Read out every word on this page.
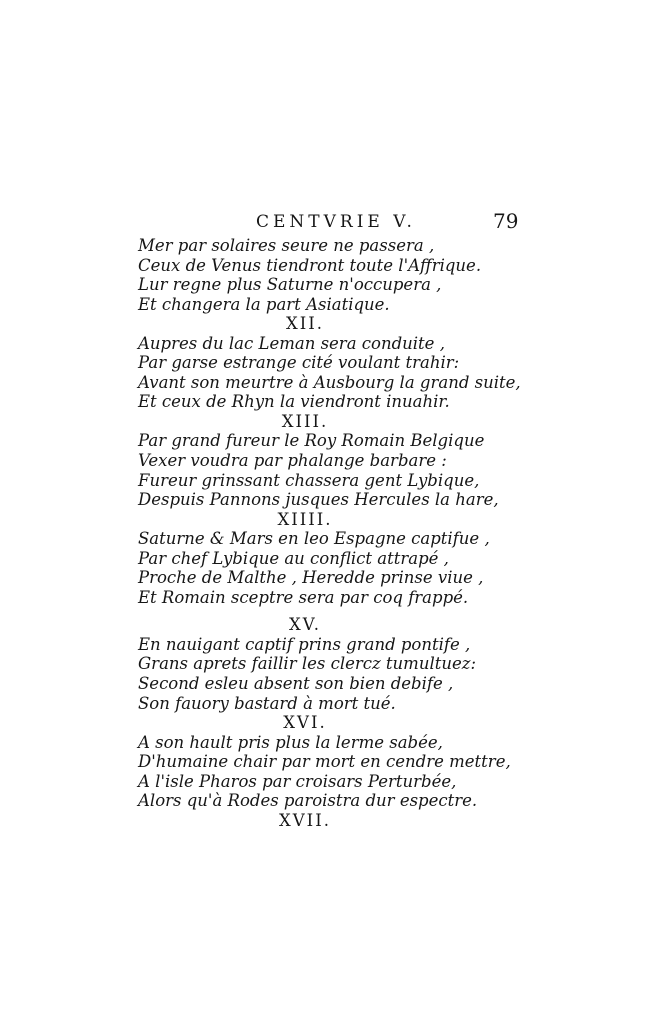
CENTVRIE V.	79
Mer par solaires seure ne passera ,
Ceux de Venus tiendront toute l'Affrique.
Lur regne plus Saturne n'occupera ,
Et changera la part Asiatique.
XII.
Aupres du lac Leman sera conduite ,
Par garse estrange cité voulant trahir:
Avant son meurtre à Ausbourg la grand suite,
Et ceux de Rhyn la viendront inuahir.
XIII.
Par grand fureur le Roy Romain Belgique
Vexer voudra par phalange barbare :
Fureur grinssant chassera gent Lybique,
Despuis Pannons jusques Hercules la hare,
XIIII.
Saturne & Mars en leo Espagne captifue ,
Par chef Lybique au conflict attrapé ,
Proche de Malthe , Heredde prinse viue ,
Et Romain sceptre sera par coq frappé.
XV.
En nauigant captif prins grand pontife ,
Grans aprets faillir les clercz tumultuez:
Second esleu absent son bien debife ,
Son fauory bastard à mort tué.
XVI.
A son hault pris plus la lerme sabée,
D'humaine chair par mort en cendre mettre,
A l'isle Pharos par croisars Perturbée,
Alors qu'à Rodes paroistra dur espectre.
XVII.
